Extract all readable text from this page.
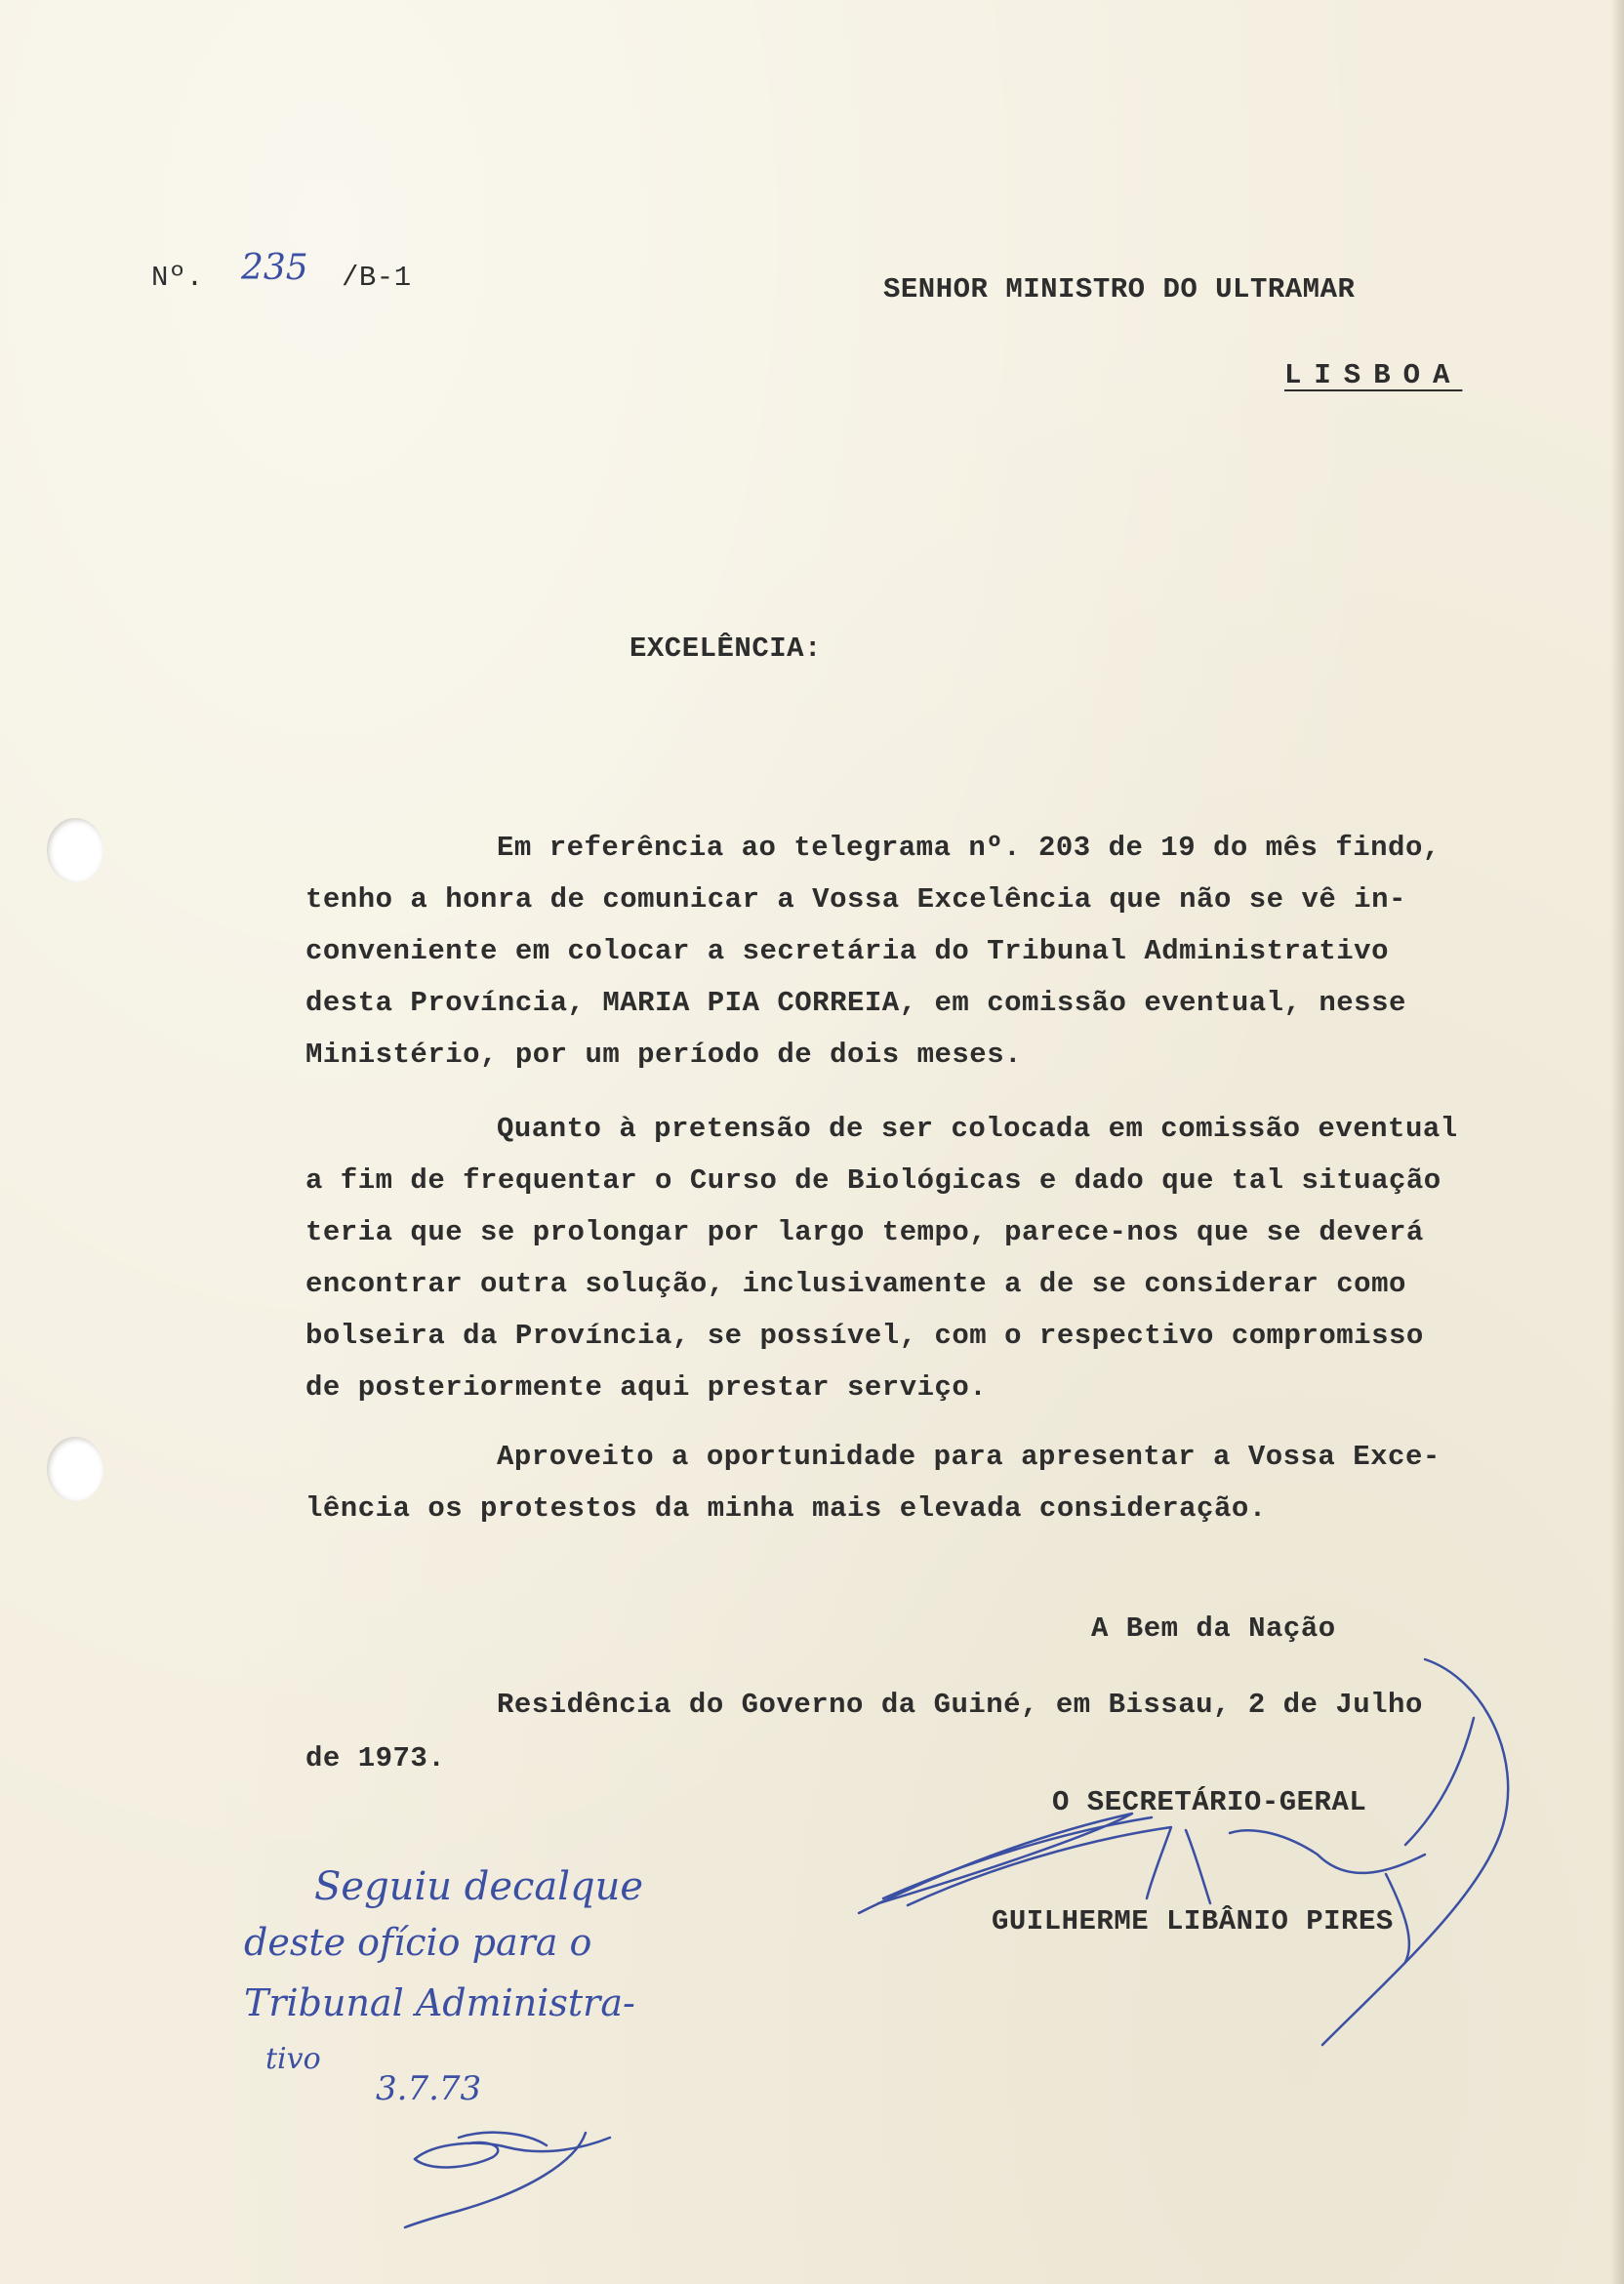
Nº. 235 /B-1	SENHOR MINISTRO DO ULTRAMAR
LISBOA
EXCELÊNCIA:
Em referência ao telegrama nº. 203 de 19 do mês findo,
tenho a honra de comunicar a Vossa Excelência que não se vê in-
conveniente em colocar a secretária do Tribunal Administrativo
desta Província, MARIA PIA CORREIA, em comissão eventual, nesse
Ministério, por um período de dois meses.
Quanto à pretensão de ser colocada em comissão eventual
a fim de frequentar o Curso de Biológicas e dado que tal situação
teria que se prolongar por largo tempo, parece-nos que se deverá
encontrar outra solução, inclusivamente a de se considerar como
bolseira da Província, se possível, com o respectivo compromisso
de posteriormente aqui prestar serviço.
Aproveito a oportunidade para apresentar a Vossa Exce-
lência os protestos da minha mais elevada consideração.
A Bem da Nação
Residência do Governo da Guiné, em Bissau, 2 de Julho
de 1973.
O SECRETÁRIO-GERAL
GUILHERME LIBÂNIO PIRES
Seguiu decalque
deste ofício para o
Tribunal Administra-
tivo
3.7.73
